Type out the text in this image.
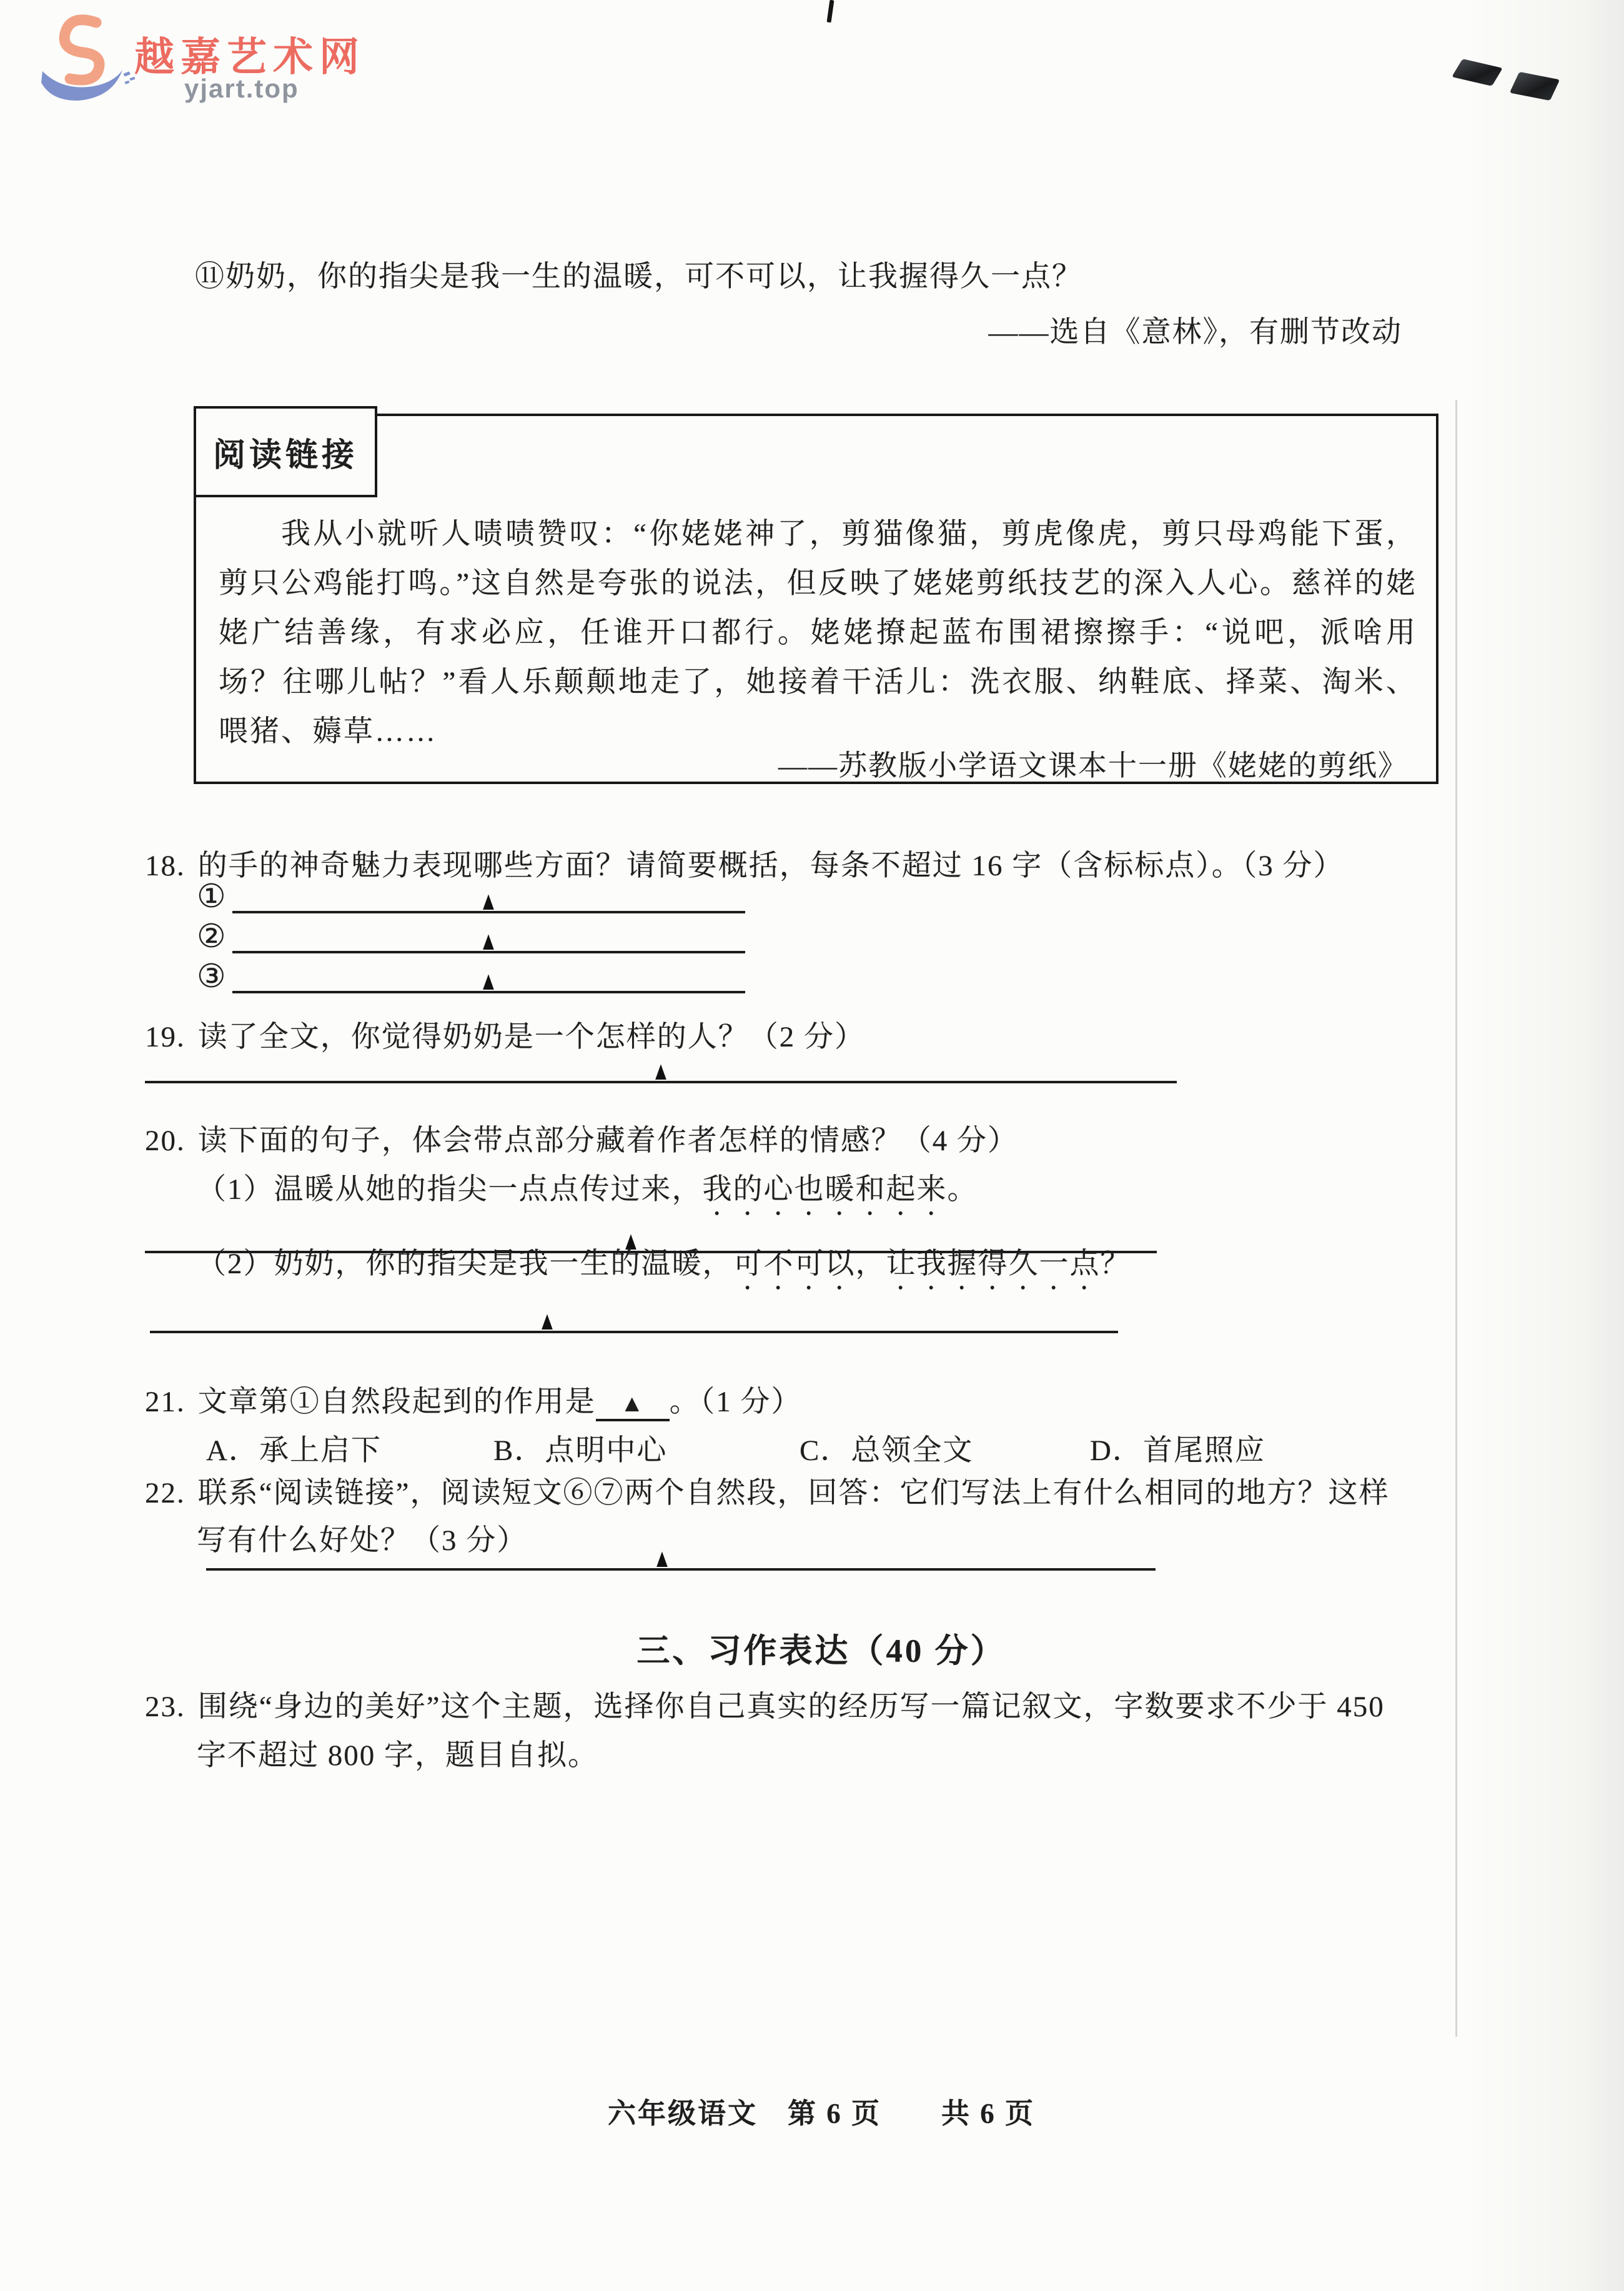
越嘉艺术网
yjart.top
⑪奶奶，你的指尖是我一生的温暖，可不可以，让我握得久一点？
——选自《意林》，有删节改动
阅读链接
我从小就听人啧啧赞叹：“你姥姥神了，剪猫像猫，剪虎像虎，剪只母鸡能下蛋，剪只公鸡能打鸣。”这自然是夸张的说法，但反映了姥姥剪纸技艺的深入人心。慈祥的姥姥广结善缘，有求必应，任谁开口都行。姥姥撩起蓝布围裙擦擦手：“说吧，派啥用场？往哪儿帖？”看人乐颠颠地走了，她接着干活儿：洗衣服、纳鞋底、择菜、淘米、喂猪、薅草……
——苏教版小学语文课本十一册《姥姥的剪纸》
18. 的手的神奇魅力表现哪些方面？请简要概括，每条不超过 16 字（含标标点）。（3 分）
①	▲
②	▲
③	▲
19. 读了全文，你觉得奶奶是一个怎样的人？（2 分）
▲
20. 读下面的句子，体会带点部分藏着作者怎样的情感？（4 分）
（1）温暖从她的指尖一点点传过来，我的心也暖和起来。
▲
（2）奶奶，你的指尖是我一生的温暖，可不可以，让我握得久一点？
▲
21. 文章第①自然段起到的作用是 ▲ 。（1 分）
A．承上启下	B．点明中心	C．总领全文	D．首尾照应
22. 联系“阅读链接”，阅读短文⑥⑦两个自然段，回答：它们写法上有什么相同的地方？这样
写有什么好处？（3 分）
▲
三、习作表达（40 分）
23. 围绕“身边的美好”这个主题，选择你自己真实的经历写一篇记叙文，字数要求不少于 450
字不超过 800 字，题目自拟。
六年级语文　第 6 页　　共 6 页
